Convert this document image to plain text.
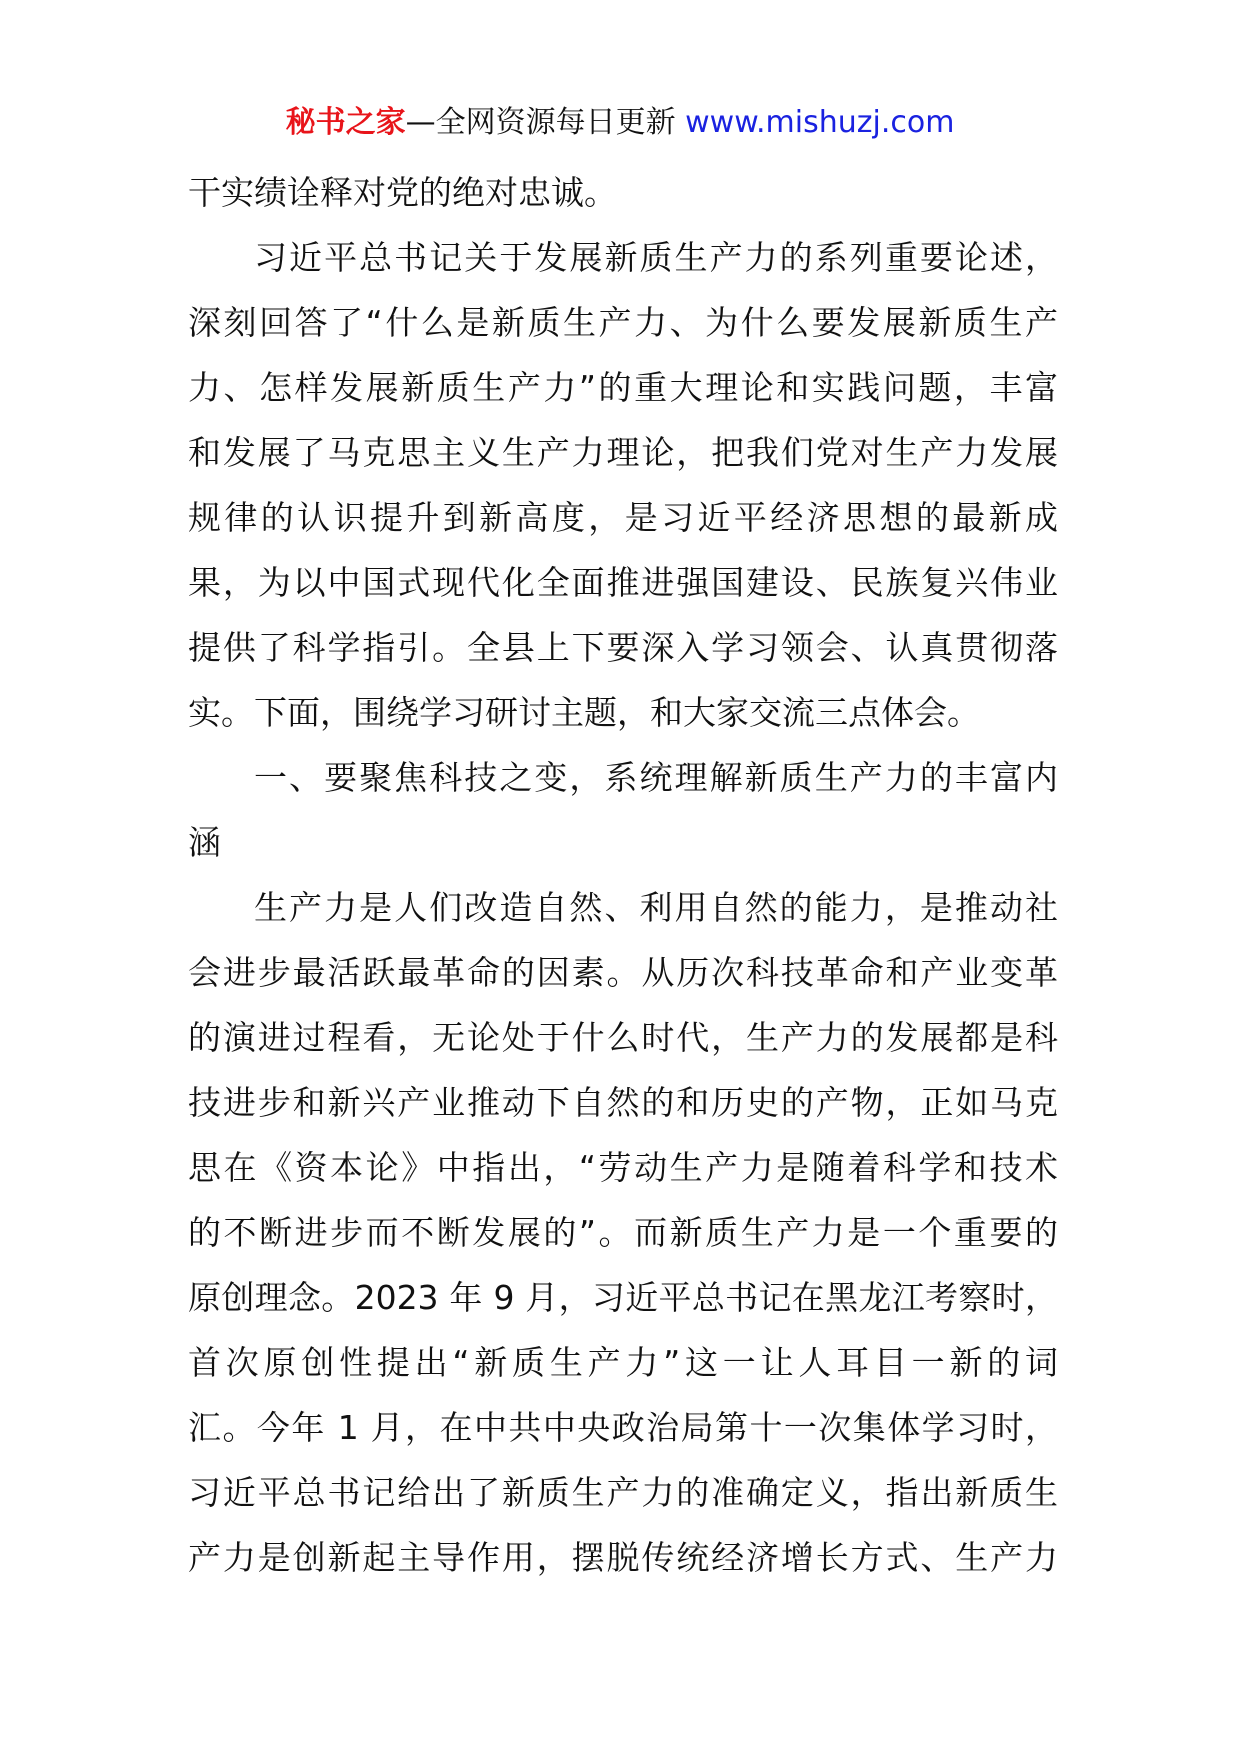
秘书之家—全网资源每日更新 www.mishuzj.com
干实绩诠释对党的绝对忠诚。
习近平总书记关于发展新质生产力的系列重要论述，
深刻回答了“什么是新质生产力、为什么要发展新质生产
力、怎样发展新质生产力”的重大理论和实践问题，丰富
和发展了马克思主义生产力理论，把我们党对生产力发展
规律的认识提升到新高度，是习近平经济思想的最新成
果，为以中国式现代化全面推进强国建设、民族复兴伟业
提供了科学指引。全县上下要深入学习领会、认真贯彻落
实。下面，围绕学习研讨主题，和大家交流三点体会。
一、要聚焦科技之变，系统理解新质生产力的丰富内
涵
生产力是人们改造自然、利用自然的能力，是推动社
会进步最活跃最革命的因素。从历次科技革命和产业变革
的演进过程看，无论处于什么时代，生产力的发展都是科
技进步和新兴产业推动下自然的和历史的产物，正如马克
思在《资本论》中指出，“劳动生产力是随着科学和技术
的不断进步而不断发展的”。而新质生产力是一个重要的
原创理念。2023 年 9 月，习近平总书记在黑龙江考察时，
首次原创性提出“新质生产力”这一让人耳目一新的词
汇。今年 1 月，在中共中央政治局第十一次集体学习时，
习近平总书记给出了新质生产力的准确定义，指出新质生
产力是创新起主导作用，摆脱传统经济增长方式、生产力
